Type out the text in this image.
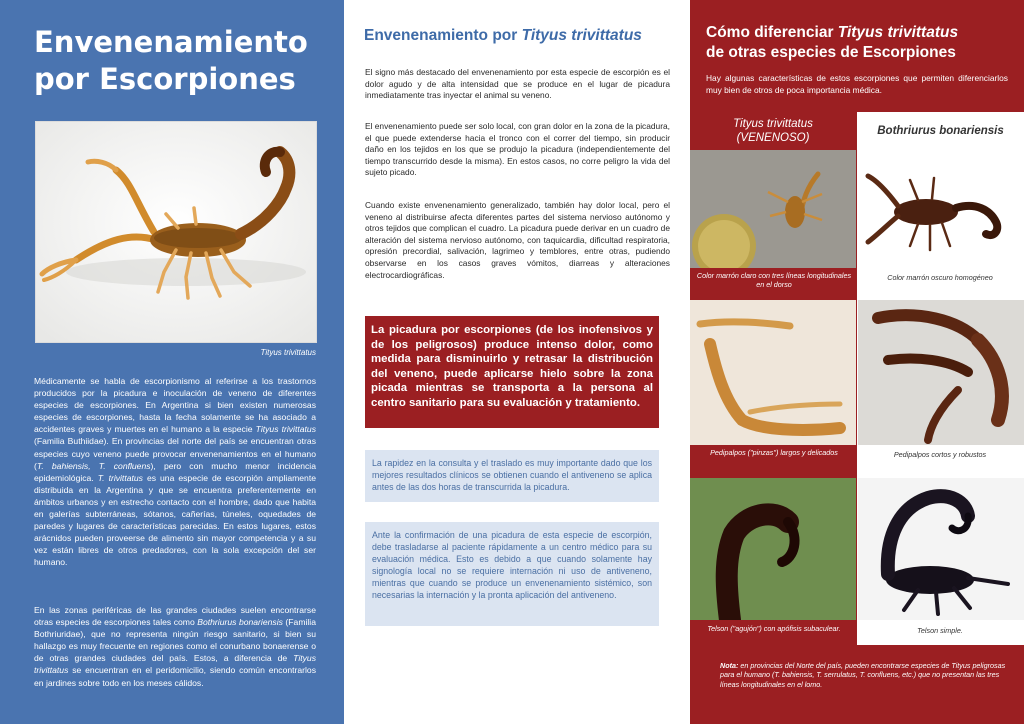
Envenenamiento
por Escorpiones
Tityus trivittatus

Médicamente se habla de escorpionismo al referirse a los trastornos producidos por la picadura e inoculación de veneno de diferentes especies de escorpiones. En Argentina si bien existen numerosas especies de escorpiones, hasta la fecha solamente se ha asociado a accidentes graves y muertes en el humano a la especie Tityus trivittatus (Familia Buthiidae). En provincias del norte del país se encuentran otras especies cuyo veneno puede provocar envenenamientos en el humano (T. bahiensis, T. confluens), pero con mucho menor incidencia epidemiológica. T. trivittatus es una especie de escorpión ampliamente distribuida en la Argentina y que se encuentra preferentemente en ámbitos urbanos y en estrecho contacto con el hombre, dado que habita en galerías subterráneas, sótanos, cañerías, túneles, oquedades de paredes y lugares de características parecidas. En estos lugares, estos arácnidos pueden proveerse de alimento sin mayor competencia y a su vez están libres de otros predadores, con la sola excepción del ser humano.

En las zonas periféricas de las grandes ciudades suelen encontrarse otras especies de escorpiones tales como Bothriurus bonariensis (Familia Bothriuridae), que no representa ningún riesgo sanitario, si bien su hallazgo es muy frecuente en regiones como el conurbano bonaerense o de otras grandes ciudades del país. Estos, a diferencia de Tityus trivittatus se encuentran en el peridomicilio, siendo común encontrarlos en jardines sobre todo en los meses cálidos.

Envenenamiento por Tityus trivittatus

El signo más destacado del envenenamiento por esta especie de escorpión es el dolor agudo y de alta intensidad que se produce en el lugar de picadura inmediatamente tras inyectar el animal su veneno.

El envenenamiento puede ser solo local, con gran dolor en la zona de la picadura, el que puede extenderse hacia el tronco con el correr del tiempo, sin producir daño en los tejidos en los que se produjo la picadura (independientemente del tiempo transcurrido desde la misma). En estos casos, no corre peligro la vida del sujeto picado.

Cuando existe envenenamiento generalizado, también hay dolor local, pero el veneno al distribuirse afecta diferentes partes del sistema nervioso autónomo y otros tejidos que complican el cuadro. La picadura puede derivar en un cuadro de alteración del sistema nervioso autónomo, con taquicardia, dificultad respiratoria, opresión precordial, salivación, lagrimeo y temblores, entre otras, pudiendo observarse en los casos graves vómitos, diarreas y alteraciones electrocardiográficas.

La picadura por escorpiones (de los inofensivos y de los peligrosos) produce intenso dolor, como medida para disminuirlo y retrasar la distribución del veneno, puede aplicarse hielo sobre la zona picada mientras se transporta a la persona al centro sanitario para su evaluación y tratamiento.
La rapidez en la consulta y el traslado es muy importante dado que los mejores resultados clínicos se obtienen cuando el antiveneno se aplica antes de las dos horas de transcurrida la picadura.
Ante la confirmación de una picadura de esta especie de escorpión, debe trasladarse al paciente rápidamente a un centro médico para su evaluación médica. Esto es debido a que cuando solamente hay signología local no se requiere internación ni uso de antiveneno, mientras que cuando se produce un envenenamiento sistémico, son necesarias la internación y la pronta aplicación del antiveneno.
Cómo diferenciar Tityus trivittatus
de otras especies de Escorpiones

Hay algunas características de estos escorpiones que permiten diferenciarlos muy bien de otros de poca importancia médica.

Tityus trivittatus
(VENENOSO)
Bothriurus bonariensis
Color marrón claro con tres líneas longitudinales en el dorso
Color marrón oscuro homogéneo
Pedipalpos ("pinzas") largos y delicados	Pedipalpos cortos y robustos
Telson ("agujón") con apófisis subaculear.	Telson simple.

Nota: en provincias del Norte del país, pueden encontrarse especies de Tityus peligrosas para el humano (T. bahiensis, T. serrulatus, T. confluens, etc.) que no presentan las tres líneas longitudinales en el lomo.
